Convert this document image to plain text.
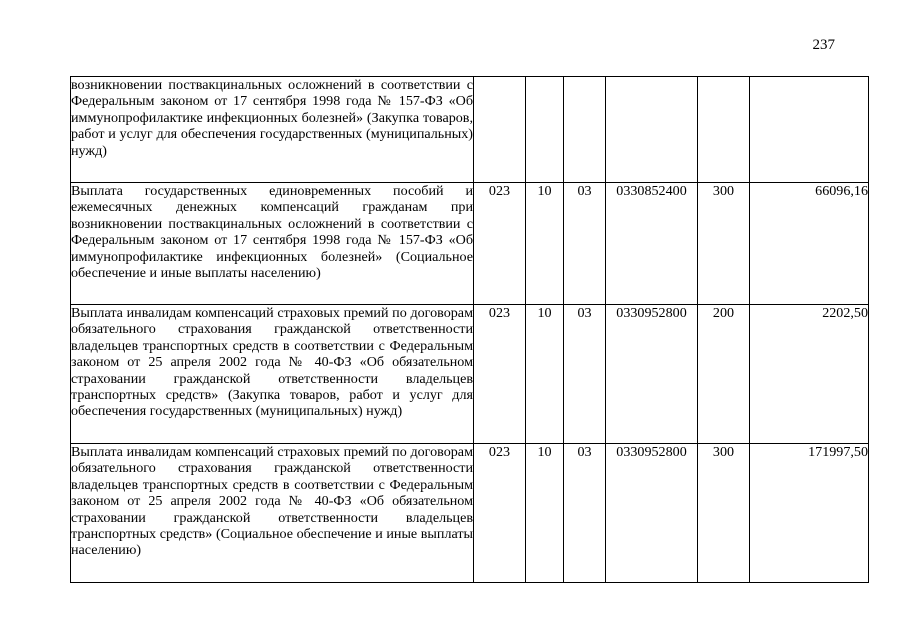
237
возникновении поствакцинальных осложнений в соответствии с Федеральным законом от 17 сентября 1998 года № 157-ФЗ «Об иммунопрофилактике инфекционных болезней» (Закупка товаров, работ и услуг для обеспечения государственных (муниципальных) нужд)						
Выплата государственных единовременных пособий и ежемесячных денежных компенсаций гражданам при возникновении поствакцинальных осложнений в соответствии с Федеральным законом от 17 сентября 1998 года № 157-ФЗ «Об иммунопрофилактике инфекционных болезней» (Социальное обеспечение и иные выплаты населению)	023	10	03	0330852400	300	66096,16
Выплата инвалидам компенсаций страховых премий по договорам обязательного страхования гражданской ответственности владельцев транспортных средств в соответствии с Федеральным законом от 25 апреля 2002 года № 40-ФЗ «Об обязательном страховании гражданской ответственности владельцев транспортных средств» (Закупка товаров, работ и услуг для обеспечения государственных (муниципальных) нужд)	023	10	03	0330952800	200	2202,50
Выплата инвалидам компенсаций страховых премий по договорам обязательного страхования гражданской ответственности владельцев транспортных средств в соответствии с Федеральным законом от 25 апреля 2002 года № 40-ФЗ «Об обязательном страховании гражданской ответственности владельцев транспортных средств» (Социальное обеспечение и иные выплаты населению)	023	10	03	0330952800	300	171997,50
